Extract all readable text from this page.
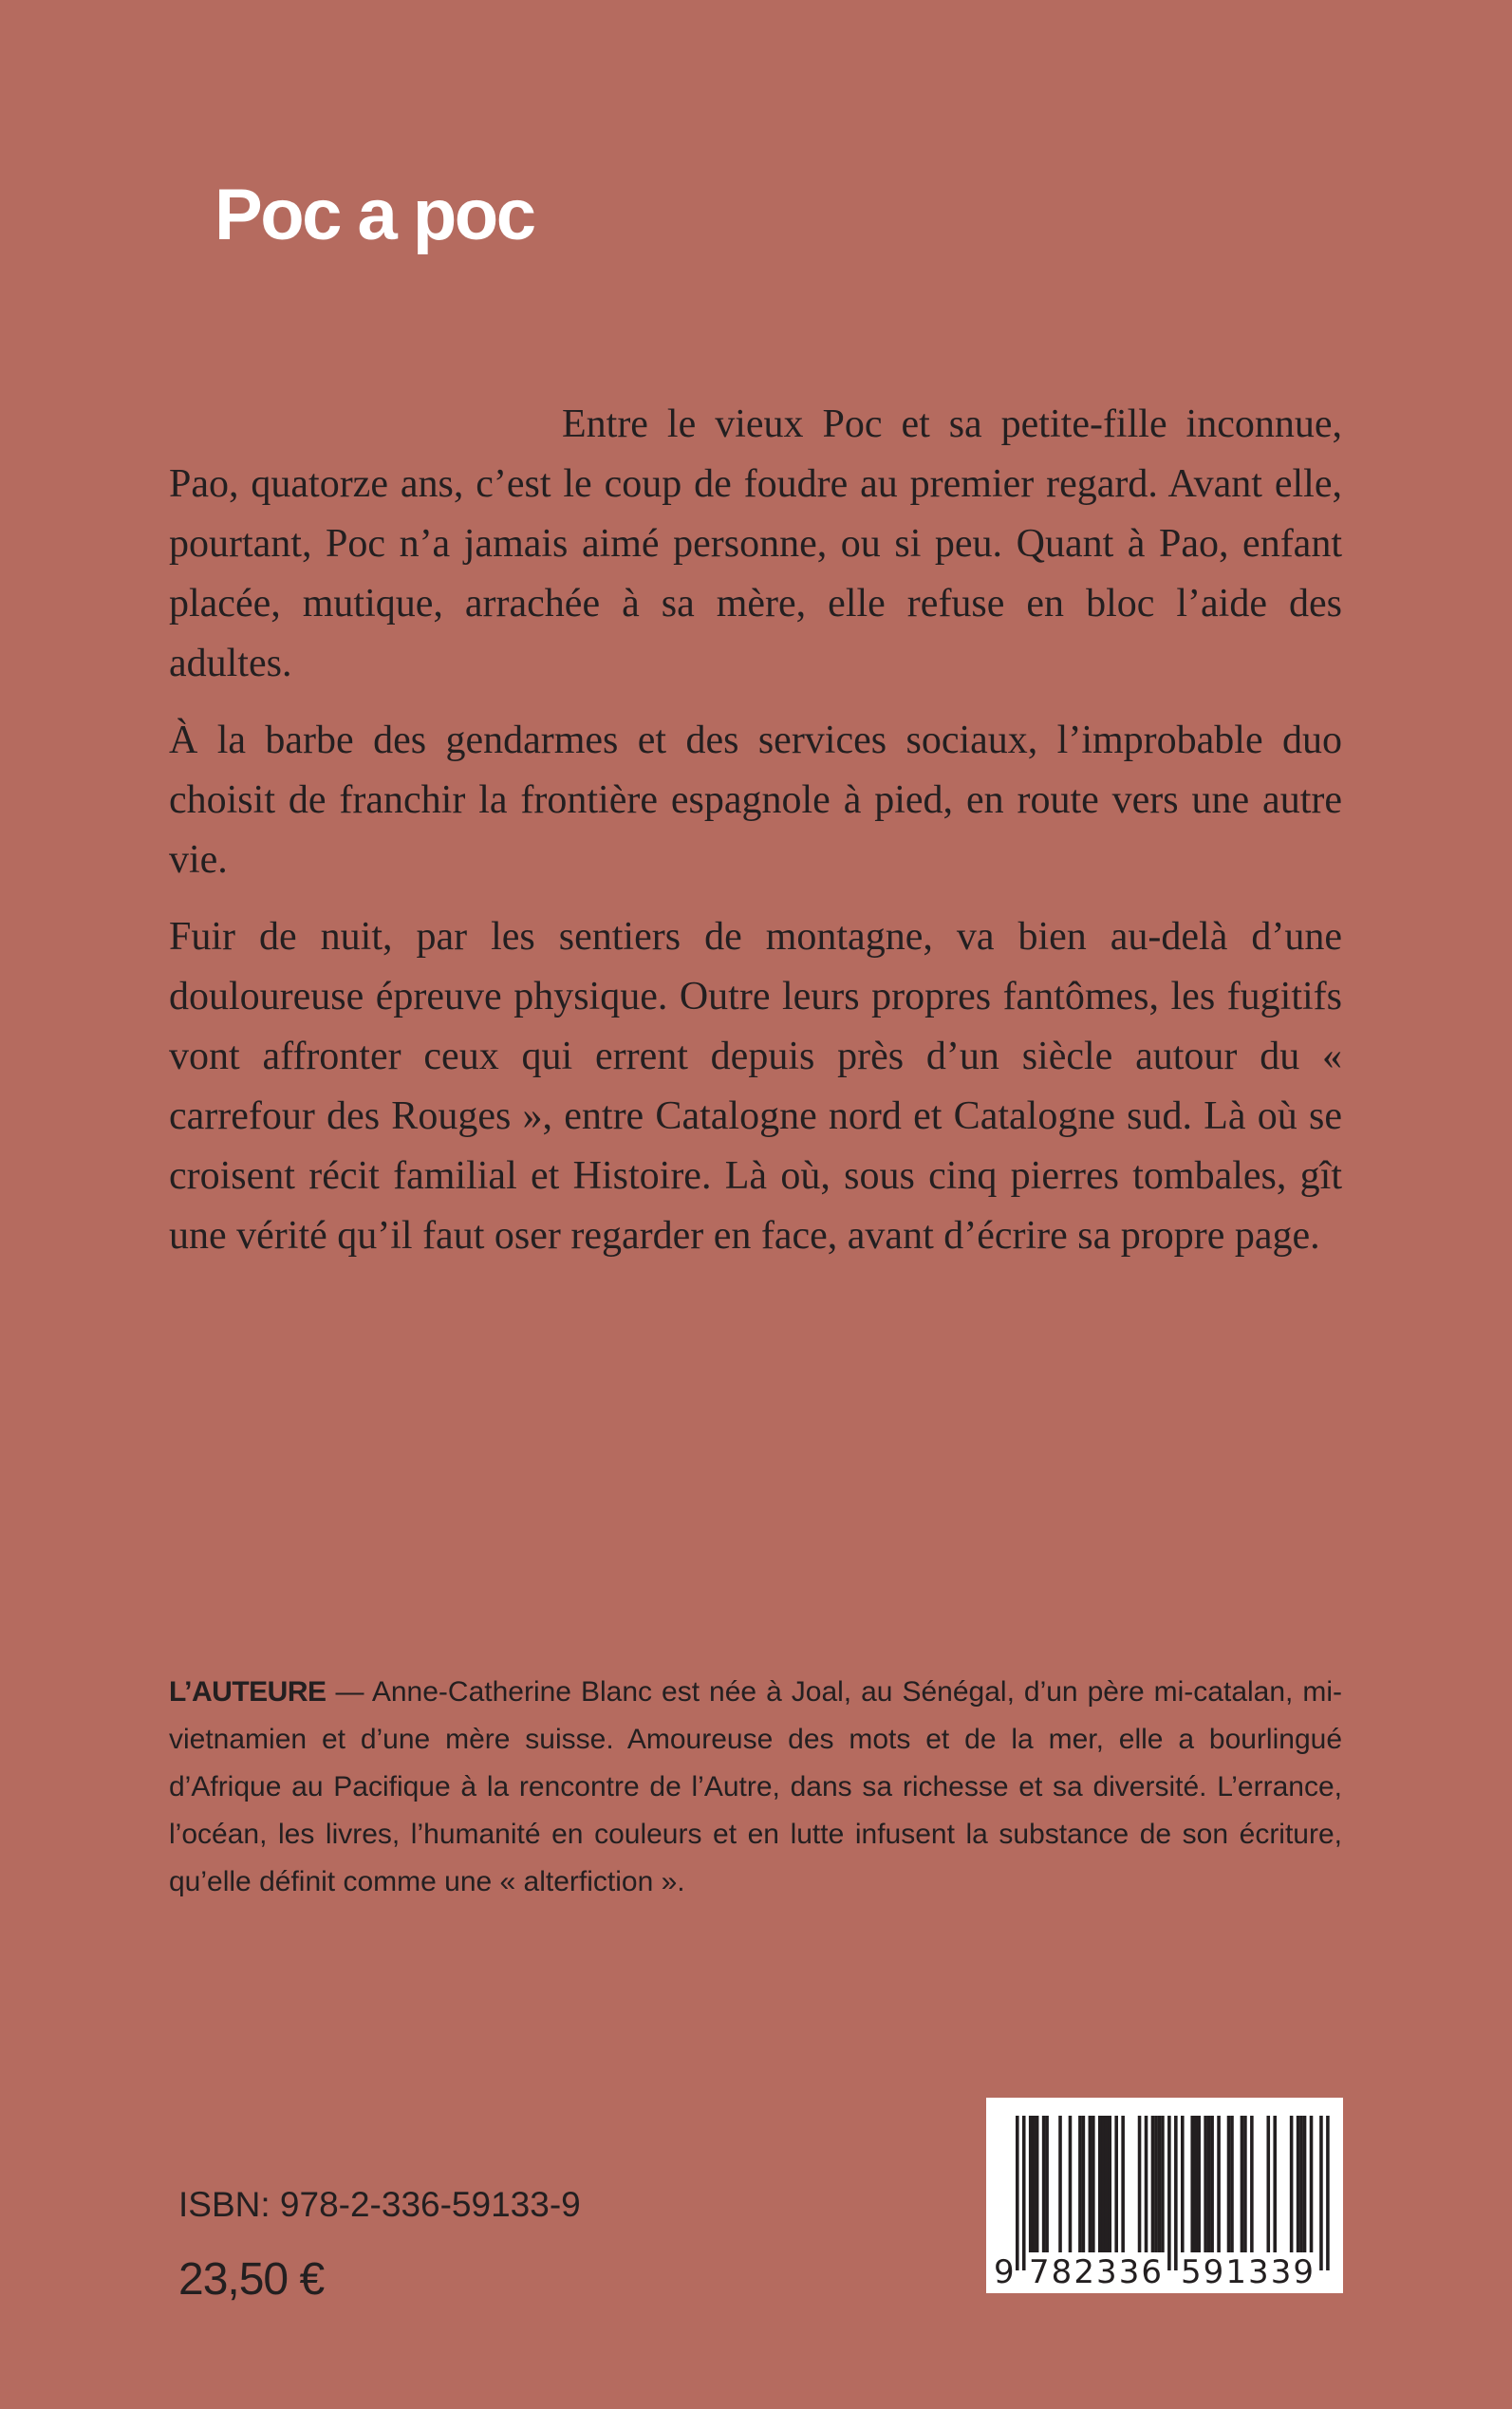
Poc a poc

Entre le vieux Poc et sa petite-fille inconnue, Pao, quatorze ans, c’est le coup de foudre au premier regard. Avant elle, pourtant, Poc n’a jamais aimé personne, ou si peu. Quant à Pao, enfant placée, mutique, arrachée à sa mère, elle refuse en bloc l’aide des adultes.

À la barbe des gendarmes et des services sociaux, l’improbable duo choisit de franchir la frontière espagnole à pied, en route vers une autre vie.

Fuir de nuit, par les sentiers de montagne, va bien au-delà d’une douloureuse épreuve physique. Outre leurs propres fantômes, les fugitifs vont affronter ceux qui errent depuis près d’un siècle autour du « carrefour des Rouges », entre Catalogne nord et Catalogne sud. Là où se croisent récit familial et Histoire. Là où, sous cinq pierres tombales, gît une vérité qu’il faut oser regarder en face, avant d’écrire sa propre page.

L’AUTEURE — Anne-Catherine Blanc est née à Joal, au Sénégal, d’un père mi-catalan, mi-vietnamien et d’une mère suisse. Amoureuse des mots et de la mer, elle a bourlingué d’Afrique au Pacifique à la rencontre de l’Autre, dans sa richesse et sa diversité. L’errance, l’océan, les livres, l’humanité en couleurs et en lutte infusent la substance de son écriture, qu’elle définit comme une « alterfiction ».

ISBN: 978-2-336-59133-9
23,50 €	9 782336 591339
